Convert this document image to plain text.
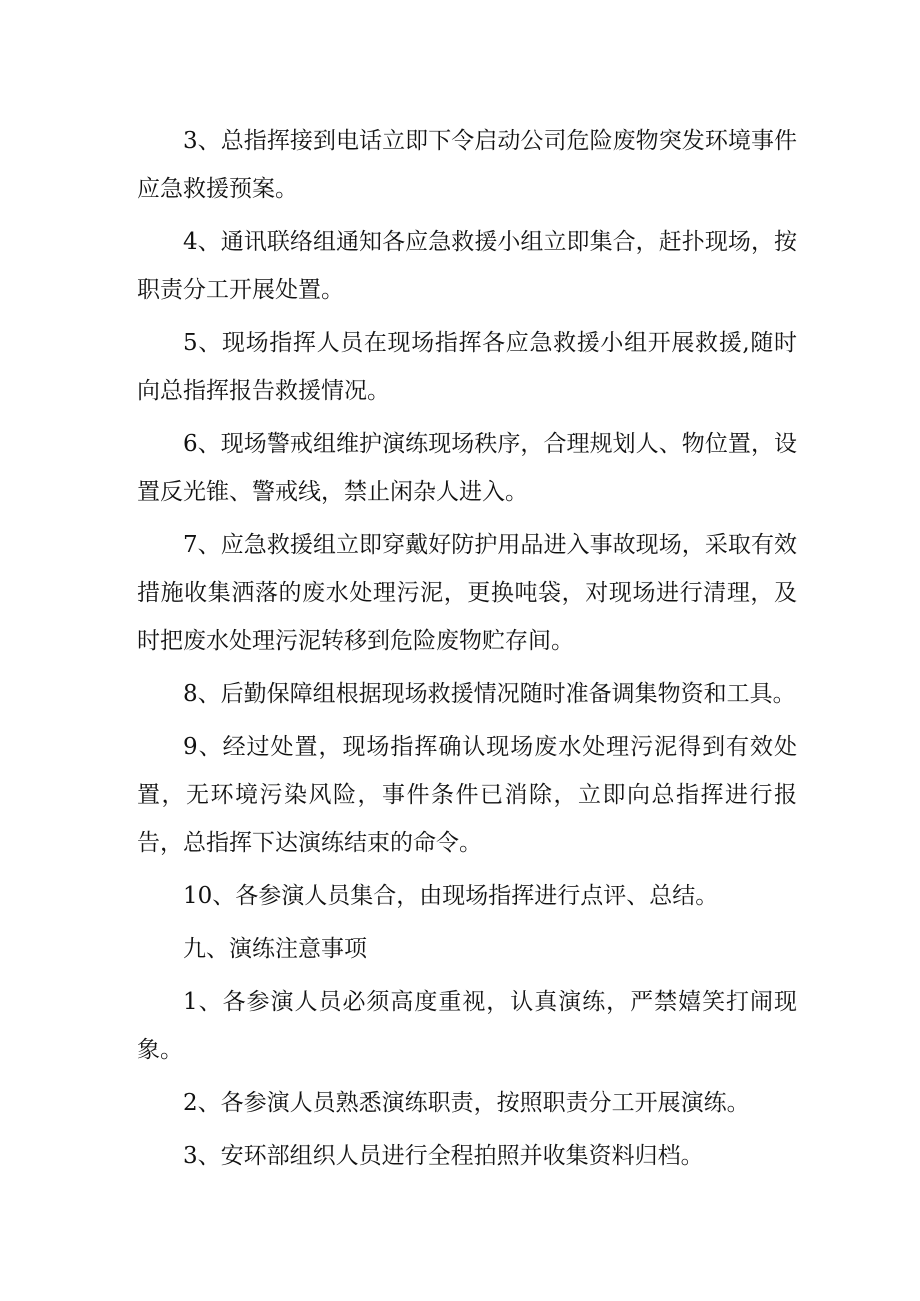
3、总指挥接到电话立即下令启动公司危险废物突发环境事件应急救援预案。

4、通讯联络组通知各应急救援小组立即集合，赶扑现场，按职责分工开展处置。

5、现场指挥人员在现场指挥各应急救援小组开展救援,随时向总指挥报告救援情况。

6、现场警戒组维护演练现场秩序，合理规划人、物位置，设置反光锥、警戒线，禁止闲杂人进入。

7、应急救援组立即穿戴好防护用品进入事故现场，采取有效措施收集洒落的废水处理污泥，更换吨袋，对现场进行清理，及时把废水处理污泥转移到危险废物贮存间。

8、后勤保障组根据现场救援情况随时准备调集物资和工具。

9、经过处置，现场指挥确认现场废水处理污泥得到有效处置，无环境污染风险，事件条件已消除，立即向总指挥进行报告，总指挥下达演练结束的命令。

10、各参演人员集合，由现场指挥进行点评、总结。

九、演练注意事项

1、各参演人员必须高度重视，认真演练，严禁嬉笑打闹现象。

2、各参演人员熟悉演练职责，按照职责分工开展演练。

3、安环部组织人员进行全程拍照并收集资料归档。
